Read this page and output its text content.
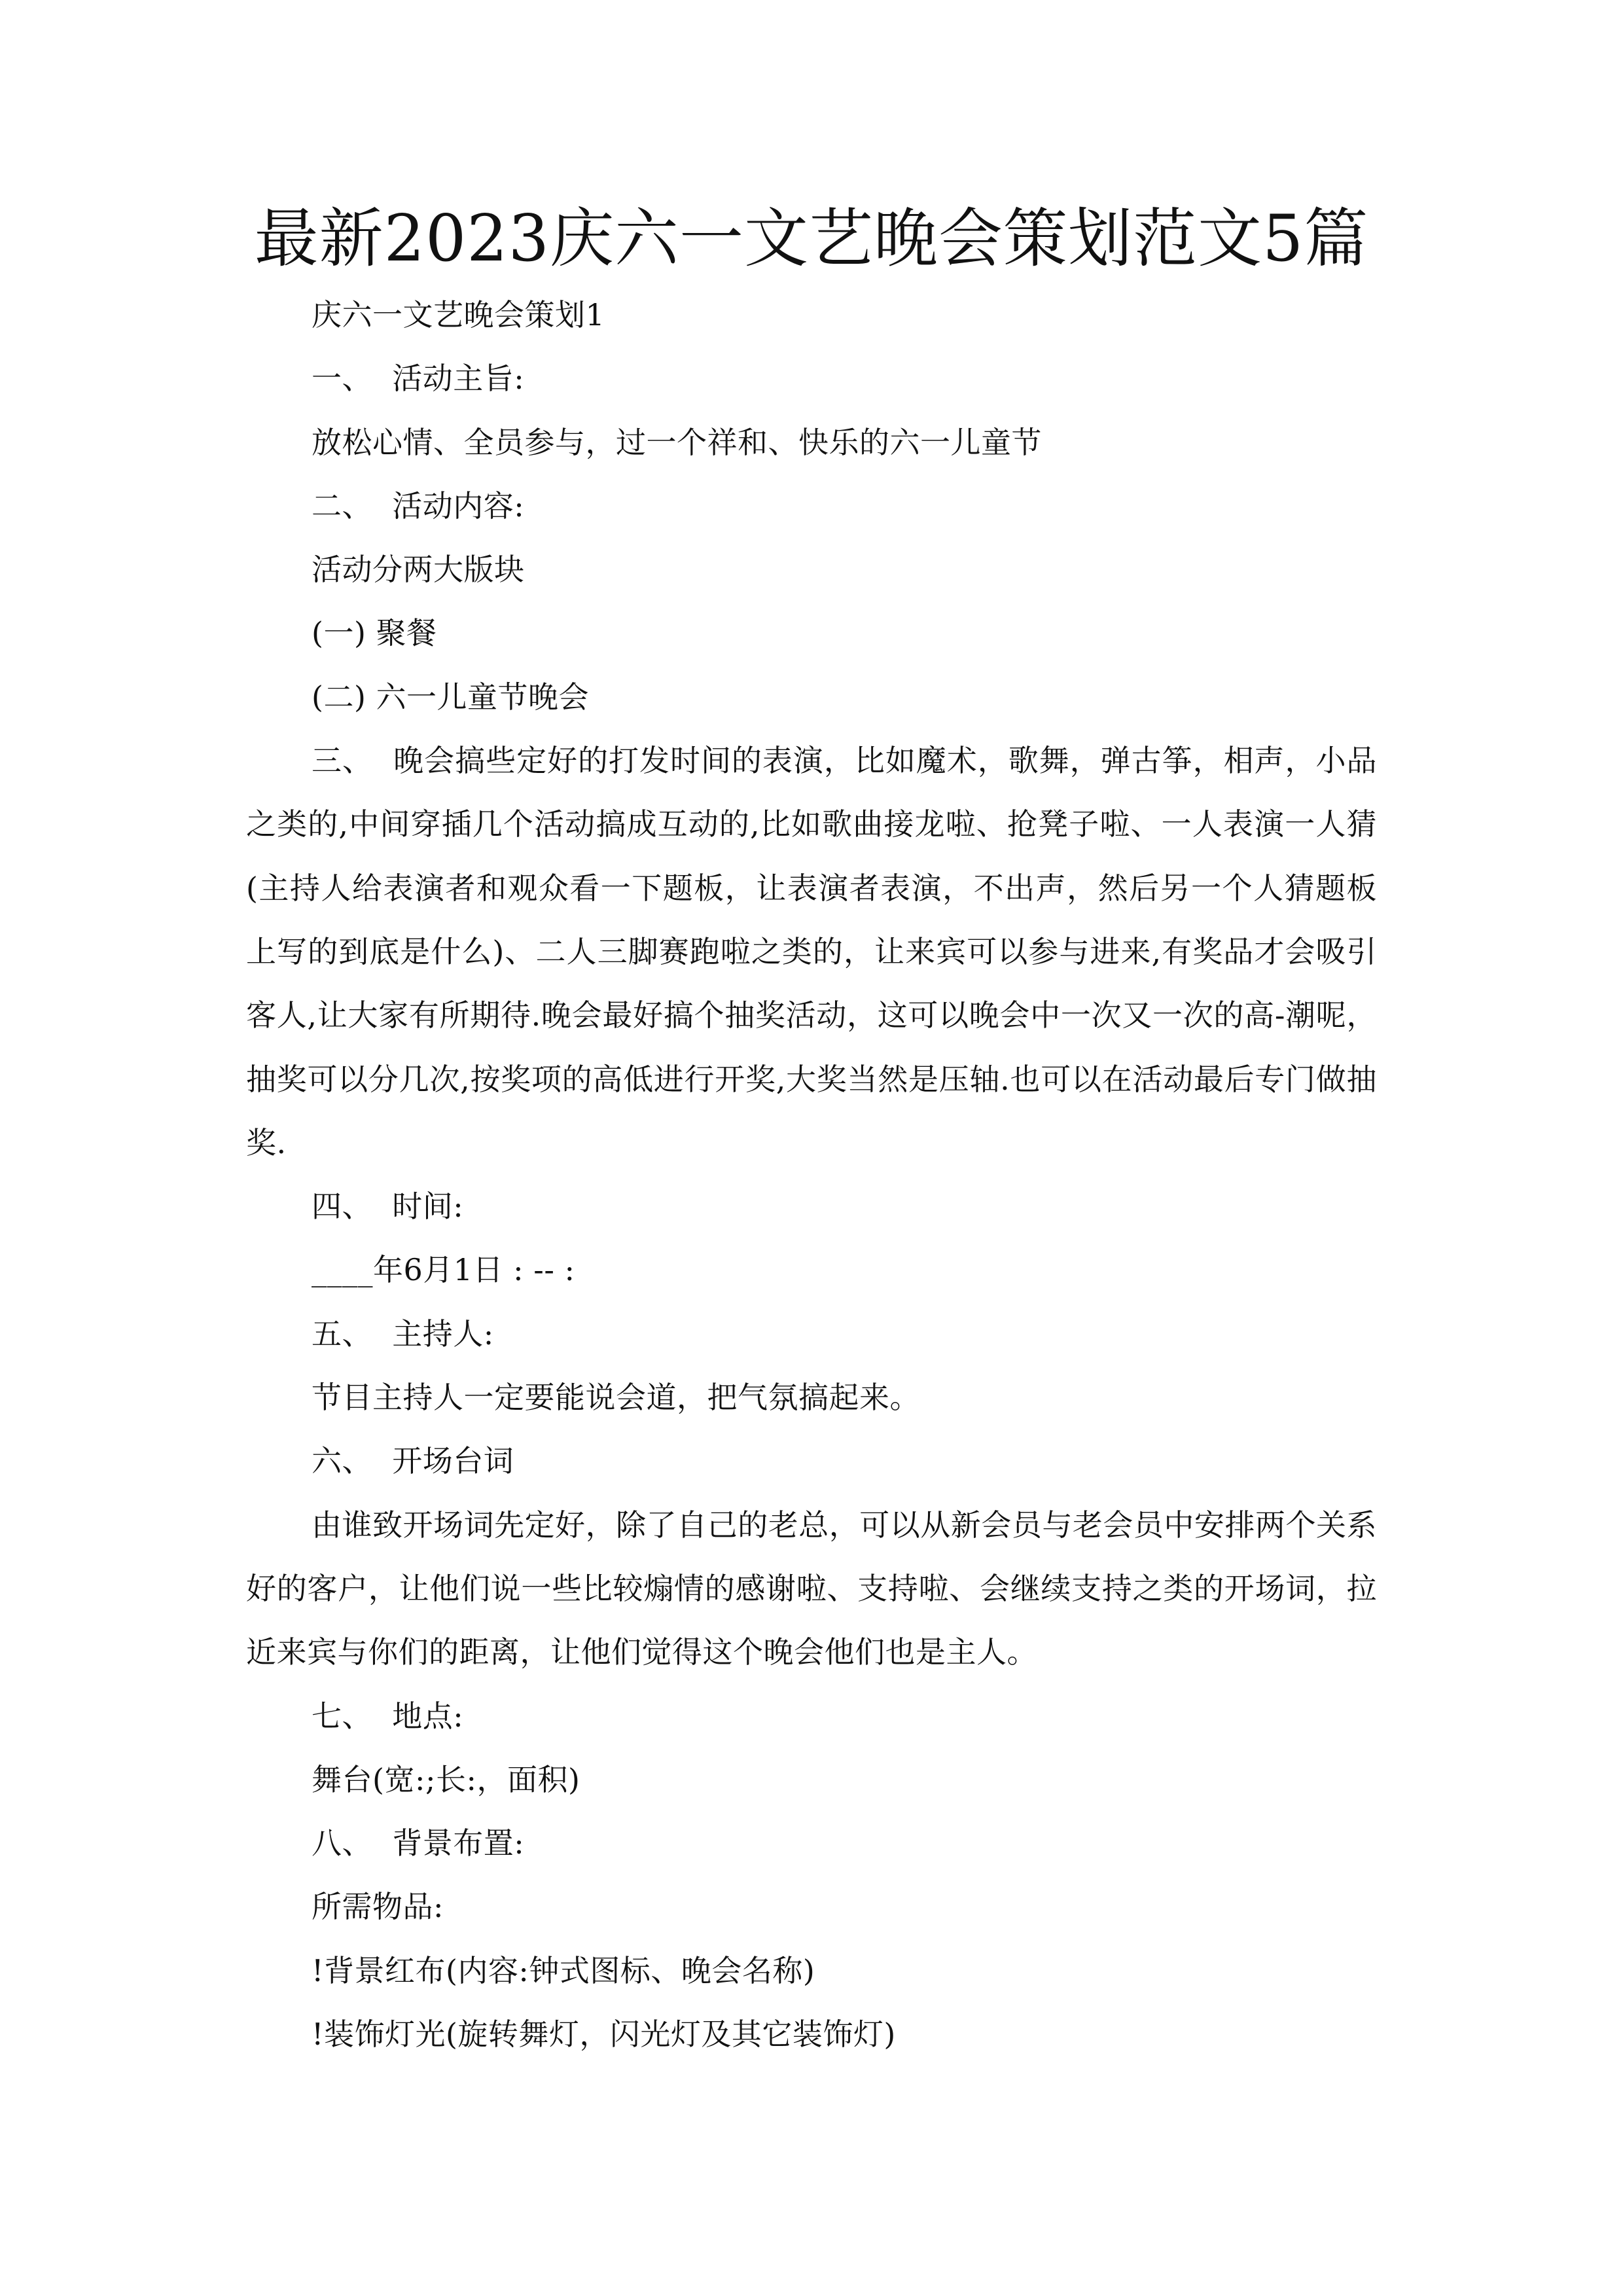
最新2023庆六一文艺晚会策划范文5篇

庆六一文艺晚会策划1

一、  活动主旨:

放松心情、全员参与，过一个祥和、快乐的六一儿童节

二、  活动内容:

活动分两大版块

(一) 聚餐

(二) 六一儿童节晚会

三、  晚会搞些定好的打发时间的表演，比如魔术，歌舞，弹古筝，相声，小品之类的,中间穿插几个活动搞成互动的,比如歌曲接龙啦、抢凳子啦、一人表演一人猜(主持人给表演者和观众看一下题板，让表演者表演，不出声，然后另一个人猜题板上写的到底是什么)、二人三脚赛跑啦之类的，让来宾可以参与进来,有奖品才会吸引客人,让大家有所期待.晚会最好搞个抽奖活动，这可以晚会中一次又一次的高-潮呢，抽奖可以分几次,按奖项的高低进行开奖,大奖当然是压轴.也可以在活动最后专门做抽奖.

四、  时间:

____年6月1日 : -- :

五、  主持人:

节目主持人一定要能说会道，把气氛搞起来。

六、  开场台词

由谁致开场词先定好，除了自己的老总，可以从新会员与老会员中安排两个关系好的客户，让他们说一些比较煽情的感谢啦、支持啦、会继续支持之类的开场词，拉近来宾与你们的距离，让他们觉得这个晚会他们也是主人。

七、  地点:

舞台(宽:;长:，面积)

八、  背景布置:

所需物品:

!背景红布(内容:钟式图标、晚会名称)

!装饰灯光(旋转舞灯，闪光灯及其它装饰灯)
